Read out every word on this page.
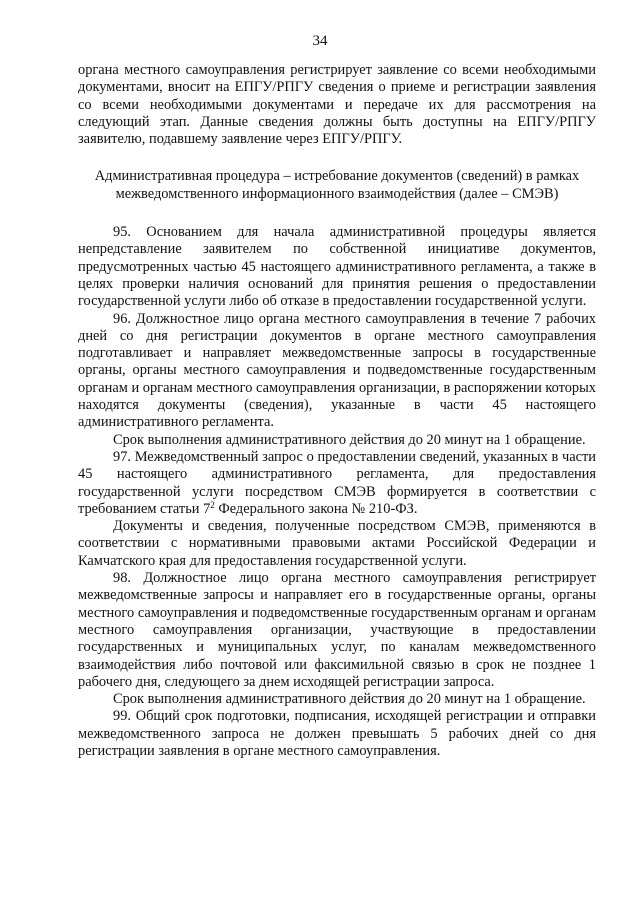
34

органа местного самоуправления регистрирует заявление со всеми необходимыми документами, вносит на ЕПГУ/РПГУ сведения о приеме и регистрации заявления со всеми необходимыми документами и передаче их для рассмотрения на следующий этап. Данные сведения должны быть доступны на ЕПГУ/РПГУ заявителю, подавшему заявление через ЕПГУ/РПГУ.

Административная процедура – истребование документов (сведений) в рамках межведомственного информационного взаимодействия (далее – СМЭВ)

95. Основанием для начала административной процедуры является непредставление заявителем по собственной инициативе документов, предусмотренных частью 45 настоящего административного регламента, а также в целях проверки наличия оснований для принятия решения о предоставлении государственной услуги либо об отказе в предоставлении государственной услуги.

96. Должностное лицо органа местного самоуправления в течение 7 рабочих дней со дня регистрации документов в органе местного самоуправления подготавливает и направляет межведомственные запросы в государственные органы, органы местного самоуправления и подведомственные государственным органам и органам местного самоуправления организации, в распоряжении которых находятся документы (сведения), указанные в части 45 настоящего административного регламента.

Срок выполнения административного действия до 20 минут на 1 обращение.

97. Межведомственный запрос о предоставлении сведений, указанных в части 45 настоящего административного регламента, для предоставления государственной услуги посредством СМЭВ формируется в соответствии с требованием статьи $7^2$ Федерального закона № 210-ФЗ.

Документы и сведения, полученные посредством СМЭВ, применяются в соответствии с нормативными правовыми актами Российской Федерации и Камчатского края для предоставления государственной услуги.

98. Должностное лицо органа местного самоуправления регистрирует межведомственные запросы и направляет его в государственные органы, органы местного самоуправления и подведомственные государственным органам и органам местного самоуправления организации, участвующие в предоставлении государственных и муниципальных услуг, по каналам межведомственного взаимодействия либо почтовой или факсимильной связью в срок не позднее 1 рабочего дня, следующего за днем исходящей регистрации запроса.

Срок выполнения административного действия до 20 минут на 1 обращение.

99. Общий срок подготовки, подписания, исходящей регистрации и отправки межведомственного запроса не должен превышать 5 рабочих дней со дня регистрации заявления в органе местного самоуправления.
